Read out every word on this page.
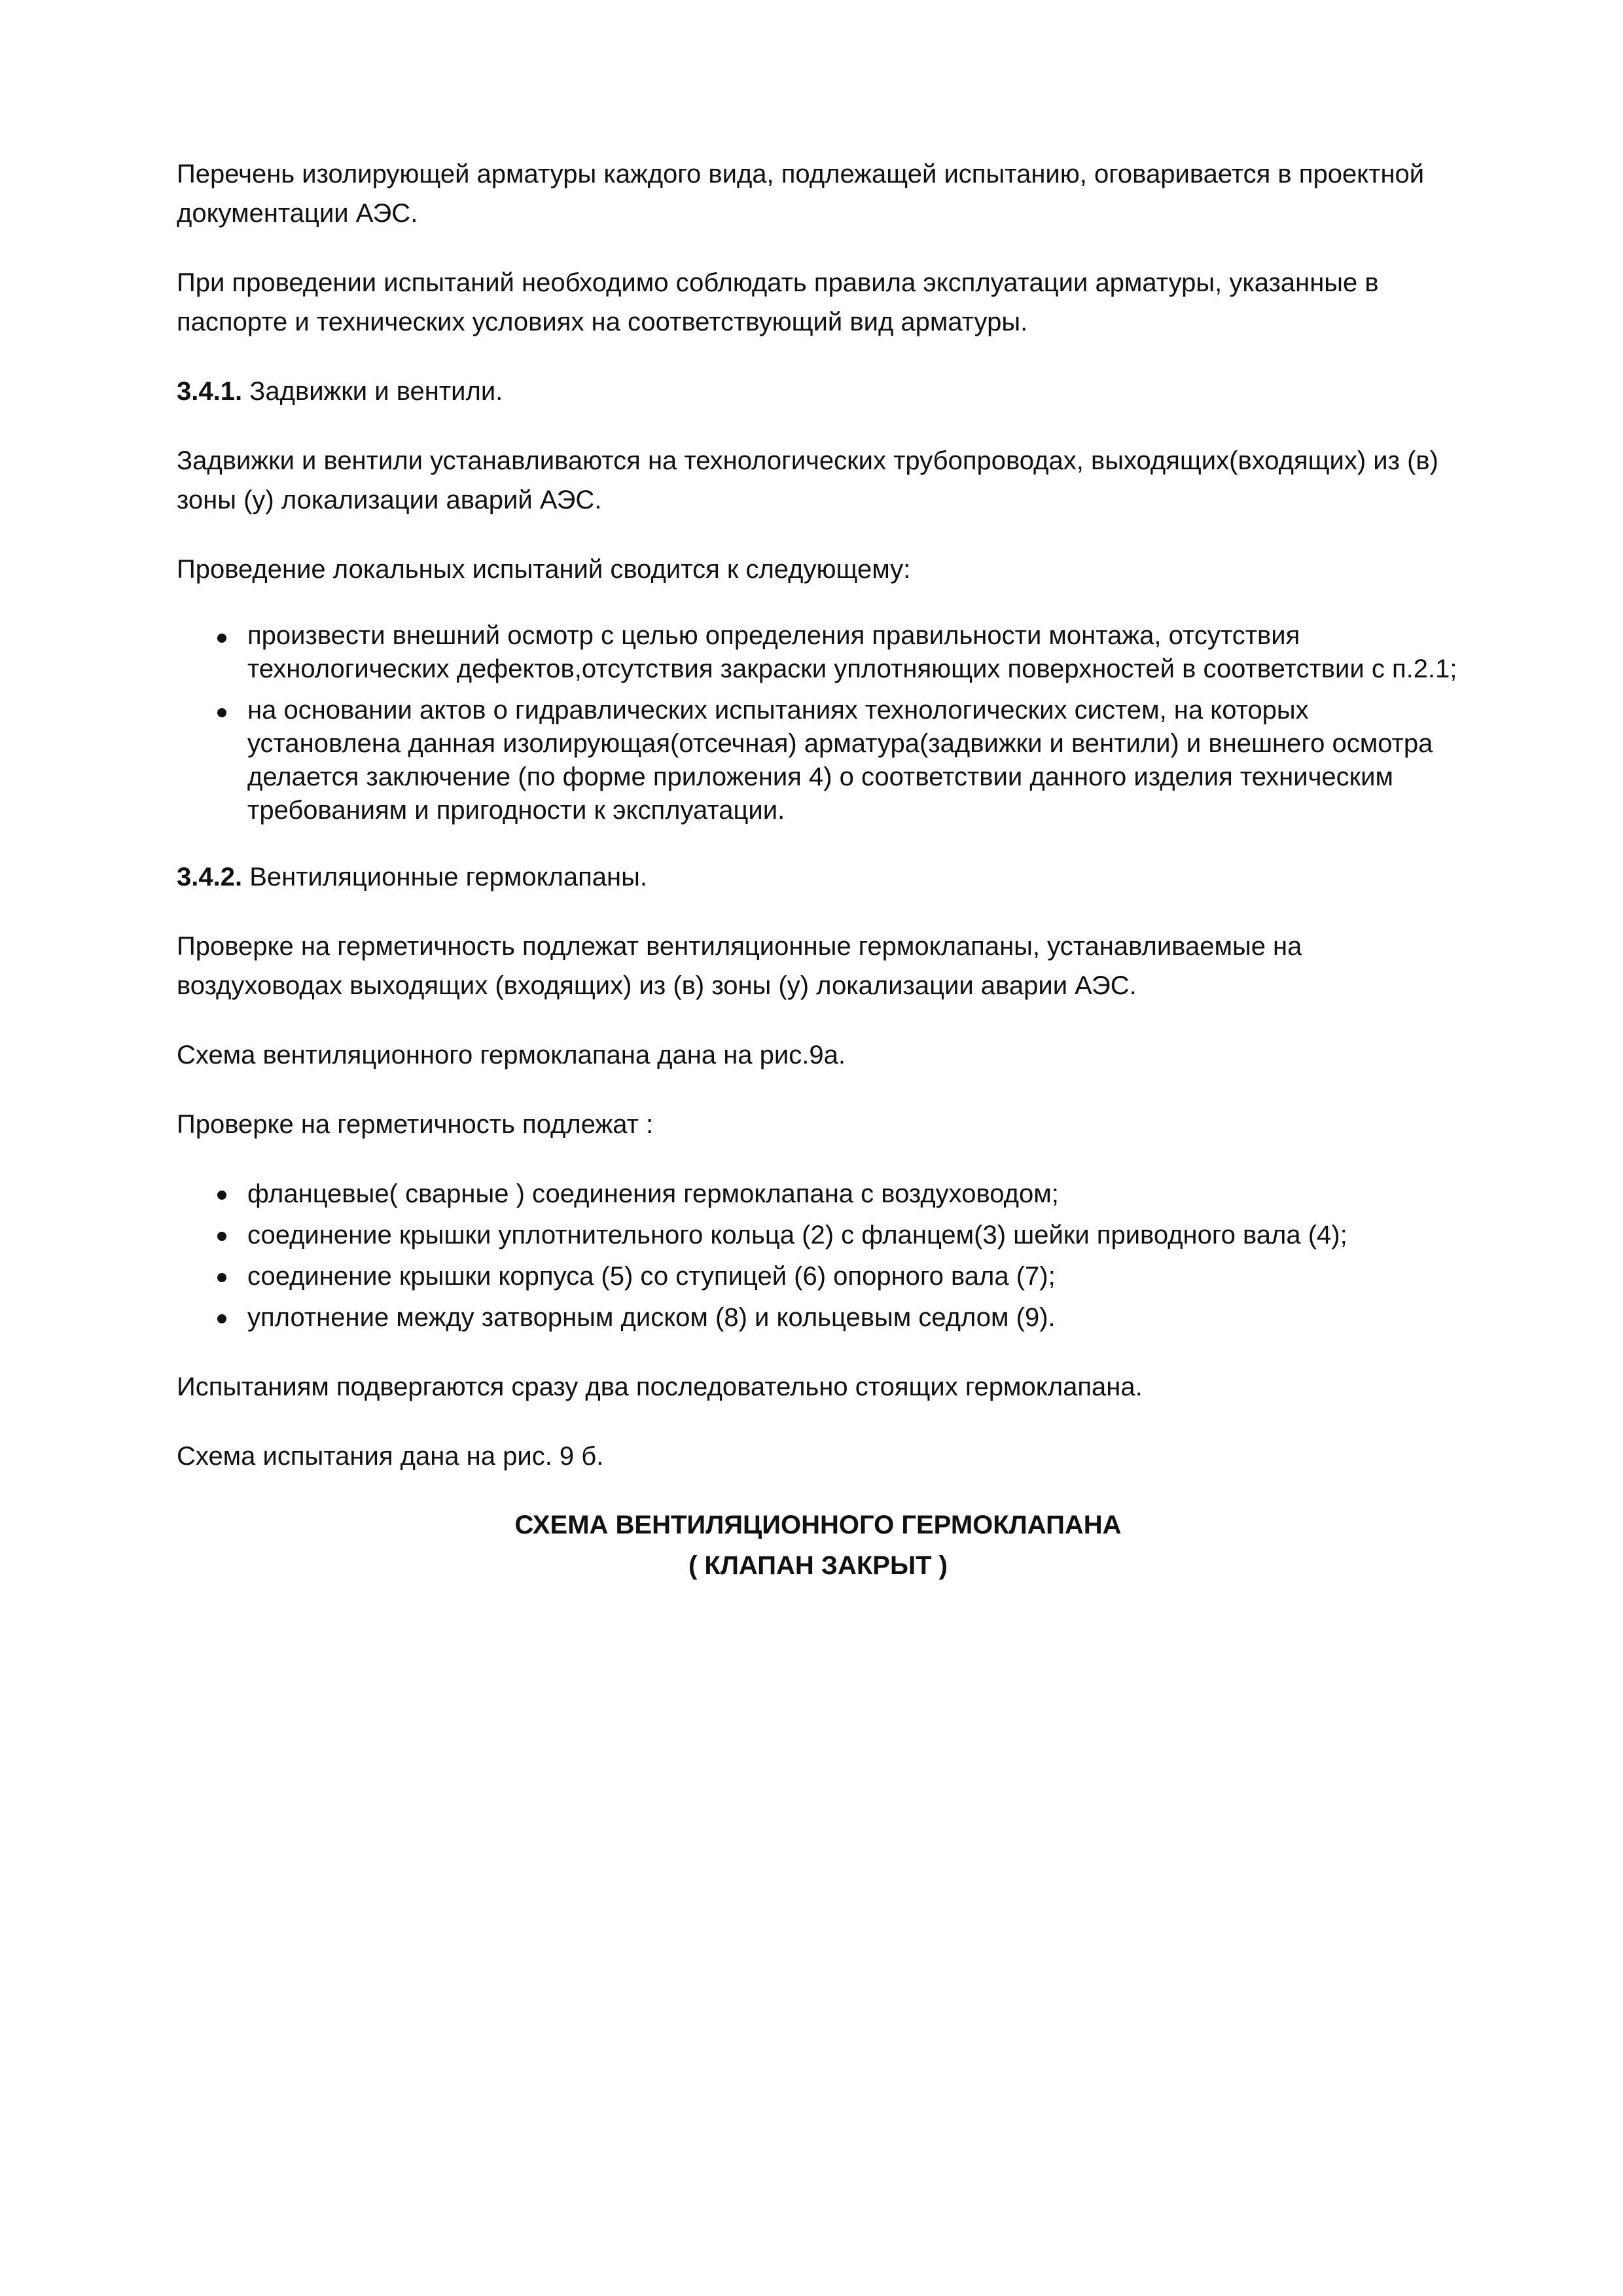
Перечень изолирующей арматуры каждого вида, подлежащей испытанию, оговаривается в проектной документации АЭС.

При проведении испытаний необходимо соблюдать правила эксплуатации арматуры, указанные в паспорте и технических условиях на соответствующий вид арматуры.

3.4.1. Задвижки и вентили.

Задвижки и вентили устанавливаются на технологических трубопроводах, выходящих(входящих) из (в) зоны (у) локализации аварий АЭС.

Проведение локальных испытаний сводится к следующему:

произвести внешний осмотр с целью определения правильности монтажа, отсутствия технологических дефектов,отсутствия закраски уплотняющих поверхностей в соответствии с п.2.1;
на основании актов о гидравлических испытаниях технологических систем, на которых установлена данная изолирующая(отсечная) арматура(задвижки и вентили) и внешнего осмотра делается заключение (по форме приложения 4) о соответствии данного изделия техническим требованиям и пригодности к эксплуатации.

3.4.2. Вентиляционные гермоклапаны.

Проверке на герметичность подлежат вентиляционные гермоклапаны, устанавливаемые на воздуховодах выходящих (входящих) из (в) зоны (у) локализации аварии АЭС.

Схема вентиляционного гермоклапана дана на рис.9а.

Проверке на герметичность подлежат :

фланцевые( сварные ) соединения гермоклапана с воздуховодом;
соединение крышки уплотнительного кольца (2) с фланцем(3) шейки приводного вала (4);
соединение крышки корпуса (5) со ступицей (6) опорного вала (7);
уплотнение между затворным диском (8) и кольцевым седлом (9).

Испытаниям подвергаются сразу два последовательно стоящих гермоклапана.

Схема испытания дана на рис. 9 б.

СХЕМА ВЕНТИЛЯЦИОННОГО ГЕРМОКЛАПАНА
( КЛАПАН ЗАКРЫТ )
